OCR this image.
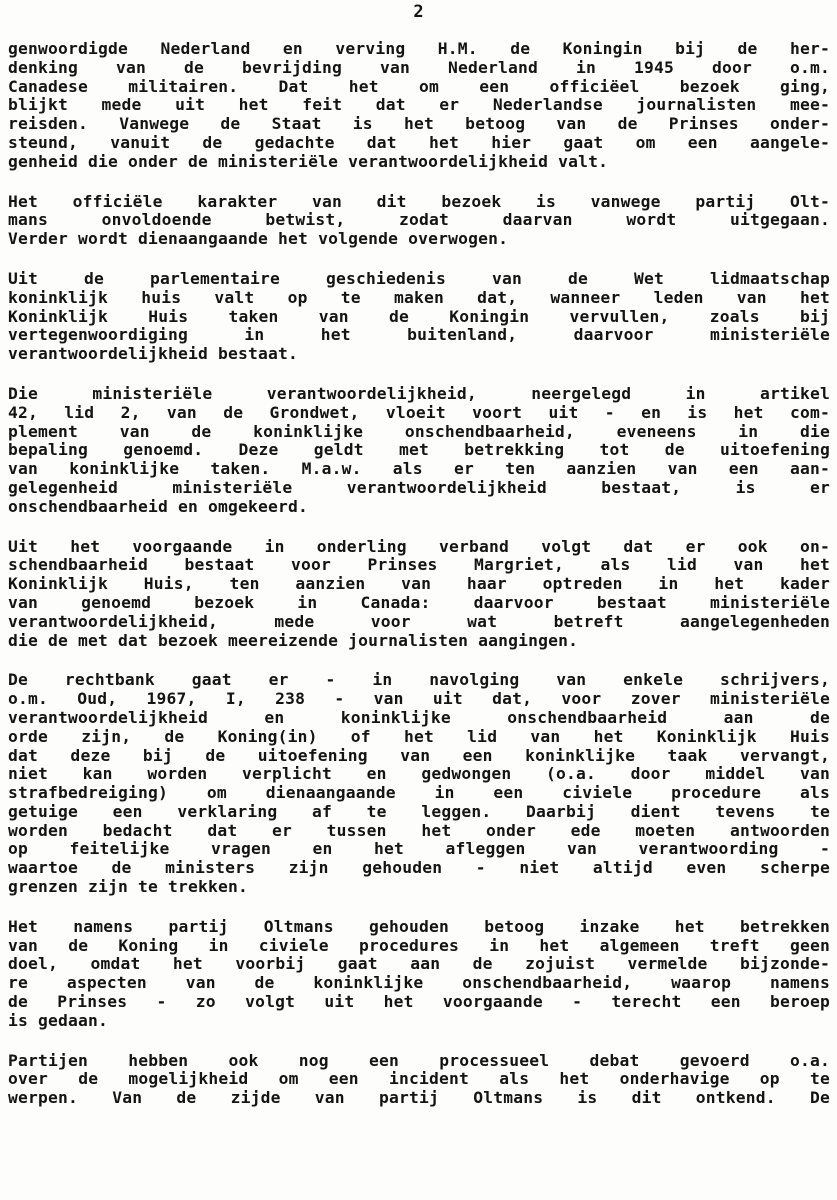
2
genwoordigde Nederland en verving H.M. de Koningin bij de her-
denking van de bevrijding van Nederland in 1945 door o.m.
Canadese militairen. Dat het om een officiëel bezoek ging,
blijkt mede uit het feit dat er Nederlandse journalisten mee-
reisden. Vanwege de Staat is het betoog van de Prinses onder-
steund, vanuit de gedachte dat het hier gaat om een aangele-
genheid die onder de ministeriële verantwoordelijkheid valt.
Het officiële karakter van dit bezoek is vanwege partij Olt-
mans onvoldoende betwist, zodat daarvan wordt uitgegaan.
Verder wordt dienaangaande het volgende overwogen.
Uit de parlementaire geschiedenis van de Wet lidmaatschap
koninklijk huis valt op te maken dat, wanneer leden van het
Koninklijk Huis taken van de Koningin vervullen, zoals bij
vertegenwoordiging in het buitenland, daarvoor ministeriële
verantwoordelijkheid bestaat.
Die ministeriële verantwoordelijkheid, neergelegd in artikel
42, lid 2, van de Grondwet, vloeit voort uit - en is het com-
plement van de koninklijke onschendbaarheid, eveneens in die
bepaling genoemd. Deze geldt met betrekking tot de uitoefening
van koninklijke taken. M.a.w. als er ten aanzien van een aan-
gelegenheid ministeriële verantwoordelijkheid bestaat, is er
onschendbaarheid en omgekeerd.
Uit het voorgaande in onderling verband volgt dat er ook on-
schendbaarheid bestaat voor Prinses Margriet, als lid van het
Koninklijk Huis, ten aanzien van haar optreden in het kader
van genoemd bezoek in Canada: daarvoor bestaat ministeriële
verantwoordelijkheid, mede voor wat betreft aangelegenheden
die de met dat bezoek meereizende journalisten aangingen.
De rechtbank gaat er - in navolging van enkele schrijvers,
o.m. Oud, 1967, I, 238 - van uit dat, voor zover ministeriële
verantwoordelijkheid en koninklijke onschendbaarheid aan de
orde zijn, de Koning(in) of het lid van het Koninklijk Huis
dat deze bij de uitoefening van een koninklijke taak vervangt,
niet kan worden verplicht en gedwongen (o.a. door middel van
strafbedreiging) om dienaangaande in een civiele procedure als
getuige een verklaring af te leggen. Daarbij dient tevens te
worden bedacht dat er tussen het onder ede moeten antwoorden
op feitelijke vragen en het afleggen van verantwoording -
waartoe de ministers zijn gehouden - niet altijd even scherpe
grenzen zijn te trekken.
Het namens partij Oltmans gehouden betoog inzake het betrekken
van de Koning in civiele procedures in het algemeen treft geen
doel, omdat het voorbij gaat aan de zojuist vermelde bijzonde-
re aspecten van de koninklijke onschendbaarheid, waarop namens
de Prinses - zo volgt uit het voorgaande - terecht een beroep
is gedaan.
Partijen hebben ook nog een processueel debat gevoerd o.a.
over de mogelijkheid om een incident als het onderhavige op te
werpen. Van de zijde van partij Oltmans is dit ontkend. De
